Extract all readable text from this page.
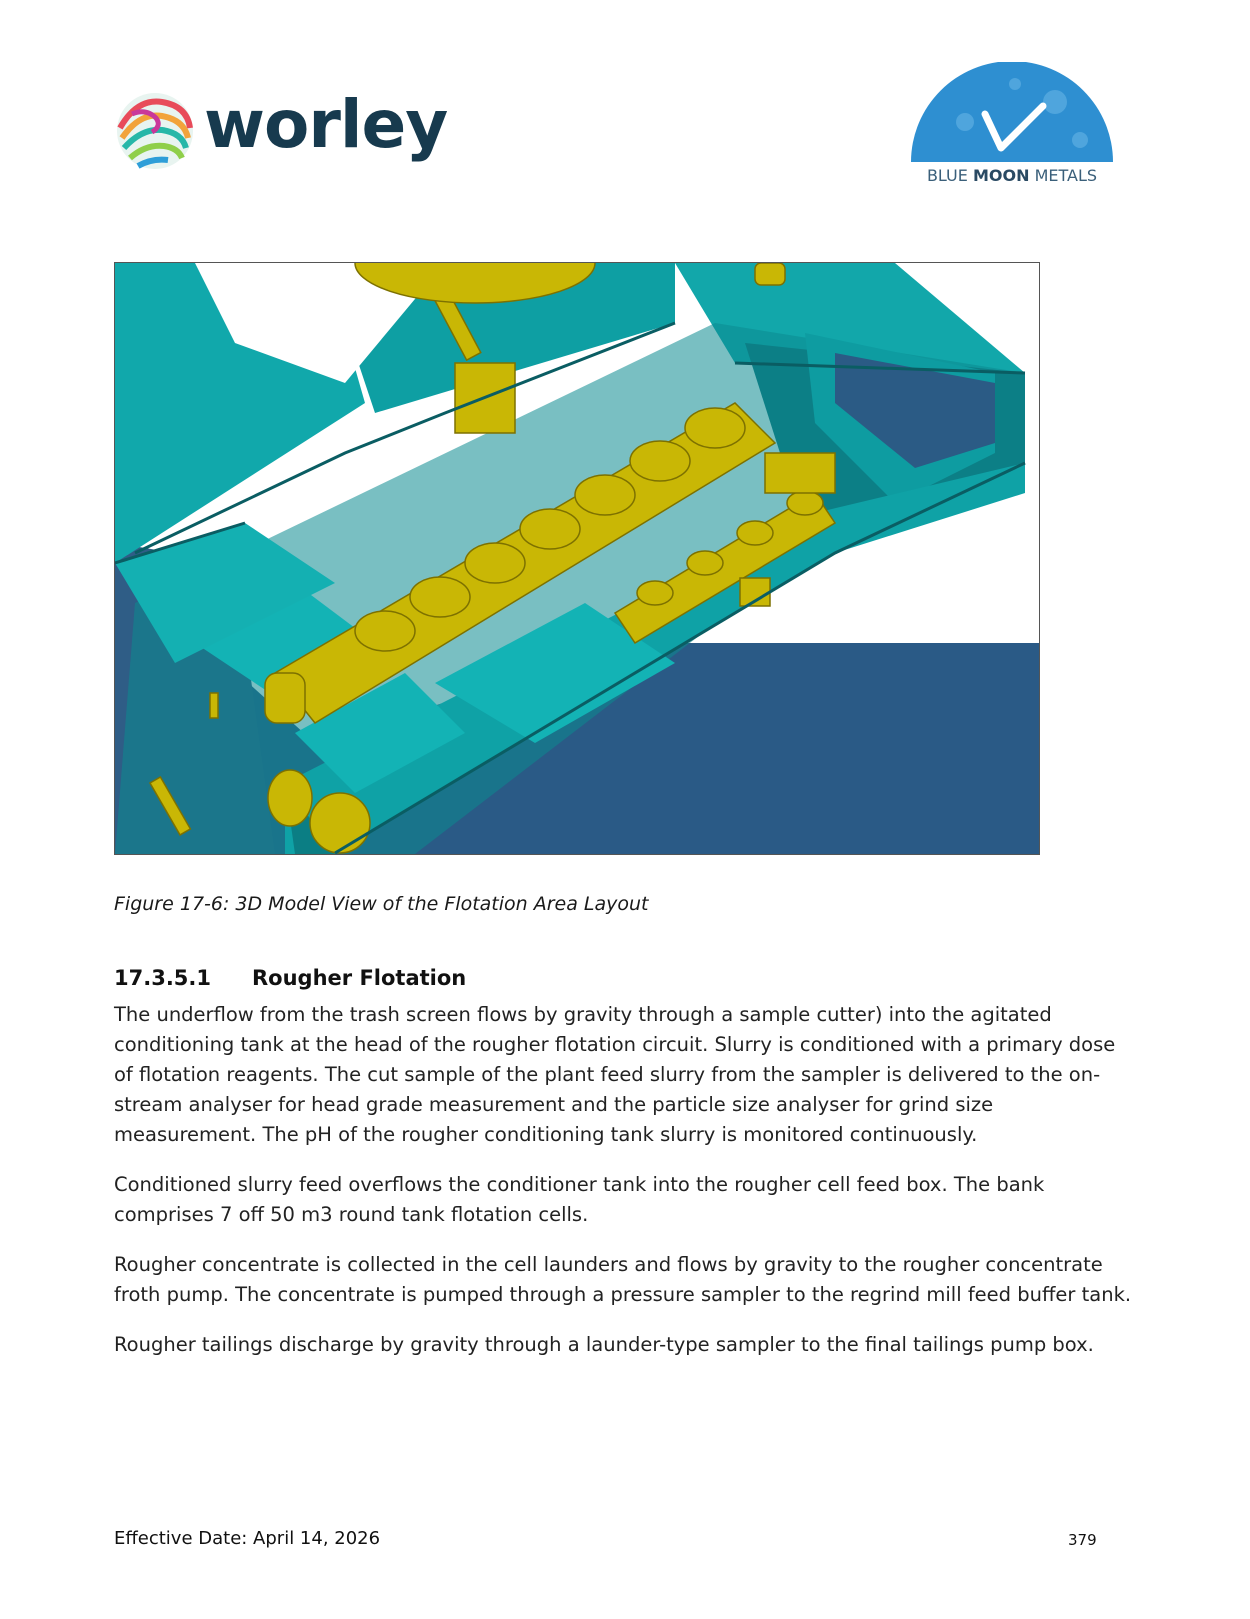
worley
BLUE MOON METALS
Figure 17-6: 3D Model View of the Flotation Area Layout
17.3.5.1 Rougher Flotation

The underflow from the trash screen flows by gravity through a sample cutter) into the agitated conditioning tank at the head of the rougher flotation circuit. Slurry is conditioned with a primary dose of flotation reagents. The cut sample of the plant feed slurry from the sampler is delivered to the on-stream analyser for head grade measurement and the particle size analyser for grind size measurement. The pH of the rougher conditioning tank slurry is monitored continuously.

Conditioned slurry feed overflows the conditioner tank into the rougher cell feed box. The bank comprises 7 off 50 m3 round tank flotation cells.

Rougher concentrate is collected in the cell launders and flows by gravity to the rougher concentrate froth pump. The concentrate is pumped through a pressure sampler to the regrind mill feed buffer tank.

Rougher tailings discharge by gravity through a launder-type sampler to the final tailings pump box.

Effective Date: April 14, 2026	379
